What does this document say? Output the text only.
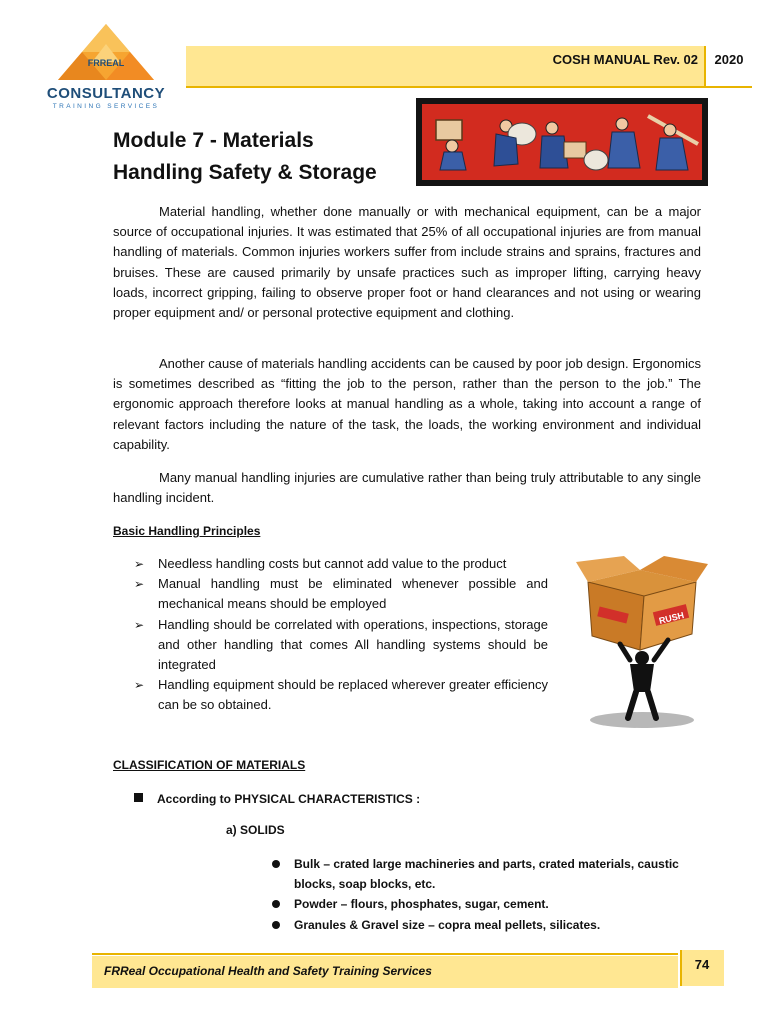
FRREAL
CONSULTANCY
TRAINING SERVICES
COSH MANUAL Rev. 02	2020
Module 7 - Materials
Handling Safety & Storage

Material handling, whether done manually or with mechanical equipment, can be a major source of occupational injuries. It was estimated that 25% of all occupational injuries are from manual handling of materials. Common injuries workers suffer from include strains and sprains, fractures and bruises. These are caused primarily by unsafe practices such as improper lifting, carrying heavy loads, incorrect gripping, failing to observe proper foot or hand clearances and not using or wearing proper equipment and/ or personal protective equipment and clothing.

Another cause of materials handling accidents can be caused by poor job design. Ergonomics is sometimes described as “fitting the job to the person, rather than the person to the job.” The ergonomic approach therefore looks at manual handling as a whole, taking into account a range of relevant factors including the nature of the task, the loads, the working environment and individual capability.

Many manual handling injuries are cumulative rather than being truly attributable to any single handling incident.

Basic Handling Principles
➢ Needless handling costs but cannot add value to the product
➢ Manual handling must be eliminated whenever possible and mechanical means should be employed
➢ Handling should be correlated with operations, inspections, storage and other handling that comes All handling systems should be integrated
➢ Handling equipment should be replaced wherever greater efficiency can be so obtained.
RUSH
CLASSIFICATION OF MATERIALS
According to PHYSICAL CHARACTERISTICS :
a) SOLIDS
Bulk – crated large machineries and parts, crated materials, caustic blocks, soap blocks, etc.
Powder – flours, phosphates, sugar, cement.
Granules & Gravel size – copra meal pellets, silicates.
FRReal Occupational Health and Safety Training Services	74
